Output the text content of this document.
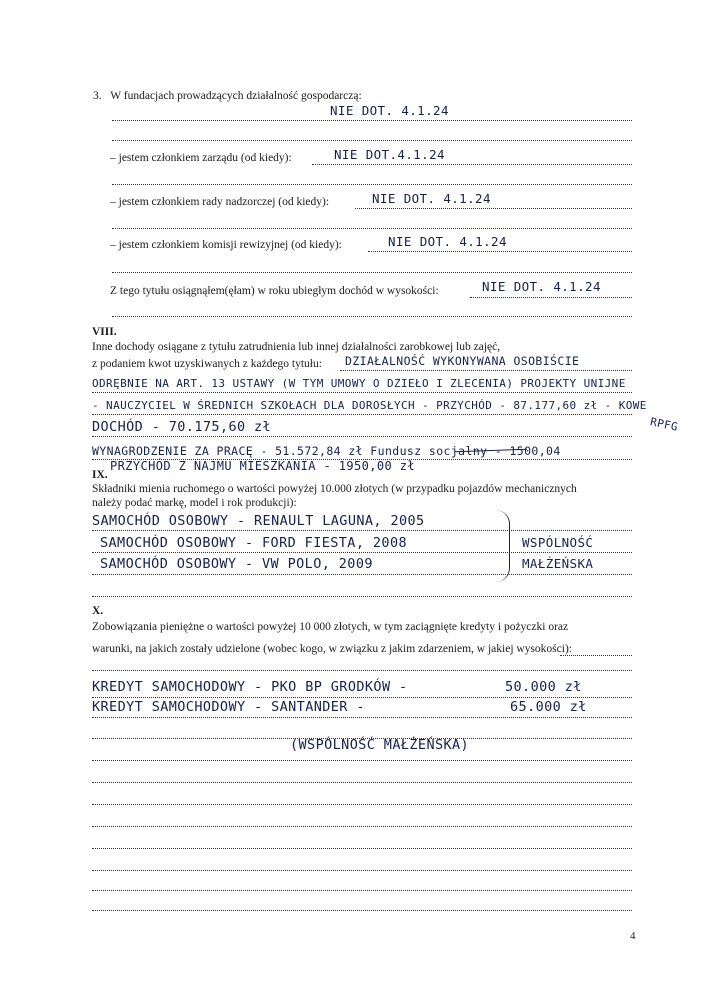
3.   W fundacjach prowadzących działalność gospodarczą:
NIE DOT. 4.1.24
– jestem członkiem zarządu (od kiedy):	NIE DOT.4.1.24
– jestem członkiem rady nadzorczej (od kiedy):	NIE DOT. 4.1.24
– jestem członkiem komisji rewizyjnej (od kiedy):	NIE DOT. 4.1.24
Z tego tytułu osiągnąłem(ęłam) w roku ubiegłym dochód w wysokości:	NIE DOT. 4.1.24
VIII.
Inne dochody osiągane z tytułu zatrudnienia lub innej działalności zarobkowej lub zajęć,
z podaniem kwot uzyskiwanych z każdego tytułu: DZIAŁALNOŚĆ WYKONYWANA OSOBIŚCIE
ODRĘBNIE NA ART. 13 USTAWY (W TYM UMOWY O DZIEŁO I ZLECENIA) PROJEKTY UNIJNE
- NAUCZYCIEL W ŚREDNICH SZKOŁACH DLA DOROSŁYCH - PRZYCHÓD - 87.177,60 zł - KOWE
RPFG
DOCHÓD - 70.175,60 zł
WYNAGRODZENIE ZA PRACĘ - 51.572,84 zł Fundusz socjalny - 1500,04
PRZYCHÓD Z NAJMU MIESZKANIA - 1950,00 zł
IX.
Składniki mienia ruchomego o wartości powyżej 10.000 złotych (w przypadku pojazdów mechanicznych
należy podać markę, model i rok produkcji):
SAMOCHÓD OSOBOWY - RENAULT LAGUNA, 2005
SAMOCHÓD OSOBOWY - FORD FIESTA, 2008
SAMOCHÓD OSOBOWY - VW POLO, 2009
WSPÓLNOŚĆ
MAŁŻEŃSKA
X.
Zobowiązania pieniężne o wartości powyżej 10 000 złotych, w tym zaciągnięte kredyty i pożyczki oraz
warunki, na jakich zostały udzielone (wobec kogo, w związku z jakim zdarzeniem, w jakiej wysokości):
KREDYT SAMOCHODOWY - PKO BP GRODKÓW -	50.000 zł
KREDYT SAMOCHODOWY - SANTANDER -	65.000 zł
(WSPÓLNOŚĆ MAŁŻEŃSKA)
4
